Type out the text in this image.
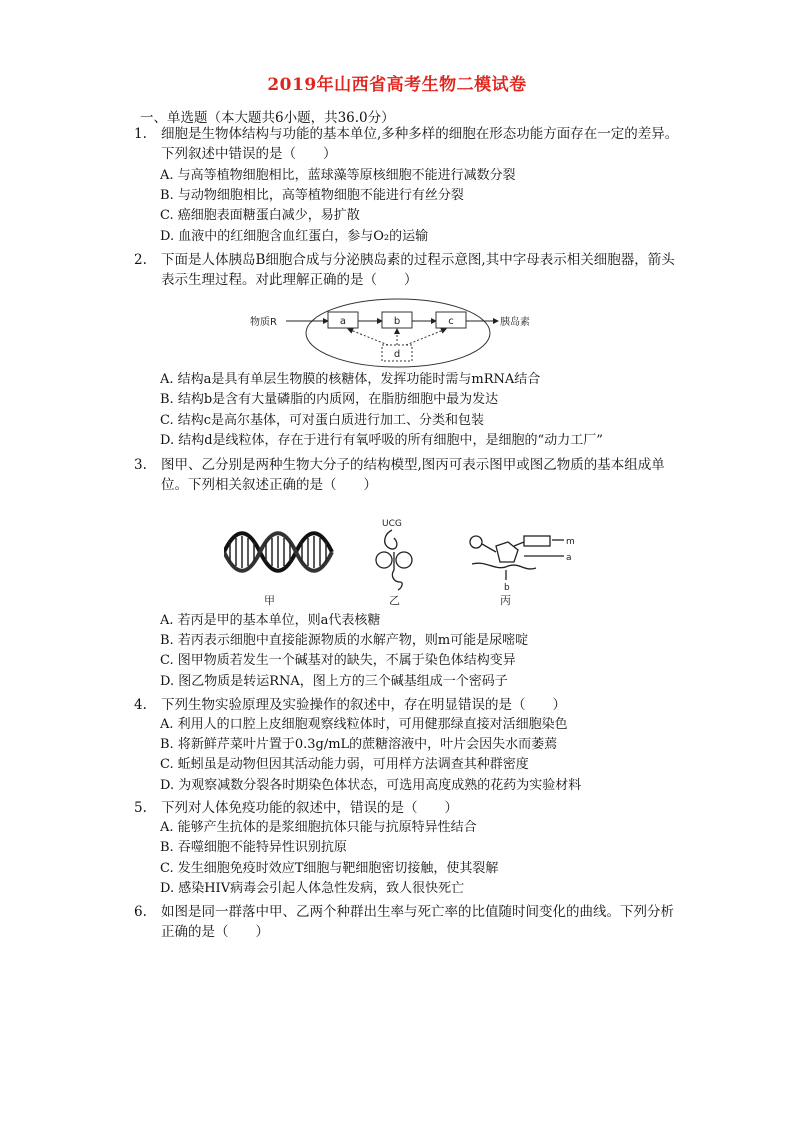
2019年山西省高考生物二模试卷
一、单选题（本大题共6小题，共36.0分）
1.	细胞是生物体结构与功能的基本单位,多种多样的细胞在形态功能方面存在一定的差异。下列叙述中错误的是（　　）
A. 与高等植物细胞相比，蓝球藻等原核细胞不能进行减数分裂
B. 与动物细胞相比，高等植物细胞不能进行有丝分裂
C. 癌细胞表面糖蛋白减少，易扩散
D. 血液中的红细胞含血红蛋白，参与O₂的运输
2.	下面是人体胰岛B细胞合成与分泌胰岛素的过程示意图,其中字母表示相关细胞器，箭头表示生理过程。对此理解正确的是（　　）
物质R	胰岛素
a	b	c
d
A. 结构a是具有单层生物膜的核糖体，发挥功能时需与mRNA结合
B. 结构b是含有大量磷脂的内质网，在脂肪细胞中最为发达
C. 结构c是高尔基体，可对蛋白质进行加工、分类和包装
D. 结构d是线粒体，存在于进行有氧呼吸的所有细胞中，是细胞的“动力工厂”
3.	图甲、乙分别是两种生物大分子的结构模型,图丙可表示图甲或图乙物质的基本组成单位。下列相关叙述正确的是（　　）
甲
UCG
乙
m
a
b
丙
A. 若丙是甲的基本单位，则a代表核糖
B. 若丙表示细胞中直接能源物质的水解产物，则m可能是尿嘧啶
C. 图甲物质若发生一个碱基对的缺失，不属于染色体结构变异
D. 图乙物质是转运RNA，图上方的三个碱基组成一个密码子
4.	下列生物实验原理及实验操作的叙述中，存在明显错误的是（　　）
A. 利用人的口腔上皮细胞观察线粒体时，可用健那绿直接对活细胞染色
B. 将新鲜芹菜叶片置于0.3g/mL的蔗糖溶液中，叶片会因失水而萎蔫
C. 蚯蚓虽是动物但因其活动能力弱，可用样方法调查其种群密度
D. 为观察减数分裂各时期染色体状态，可选用高度成熟的花药为实验材料
5.	下列对人体免疫功能的叙述中，错误的是（　　）
A. 能够产生抗体的是浆细胞抗体只能与抗原特异性结合
B. 吞噬细胞不能特异性识别抗原
C. 发生细胞免疫时效应T细胞与靶细胞密切接触，使其裂解
D. 感染HIV病毒会引起人体急性发病，致人很快死亡
6.	如图是同一群落中甲、乙两个种群出生率与死亡率的比值随时间变化的曲线。下列分析正确的是（　　）
